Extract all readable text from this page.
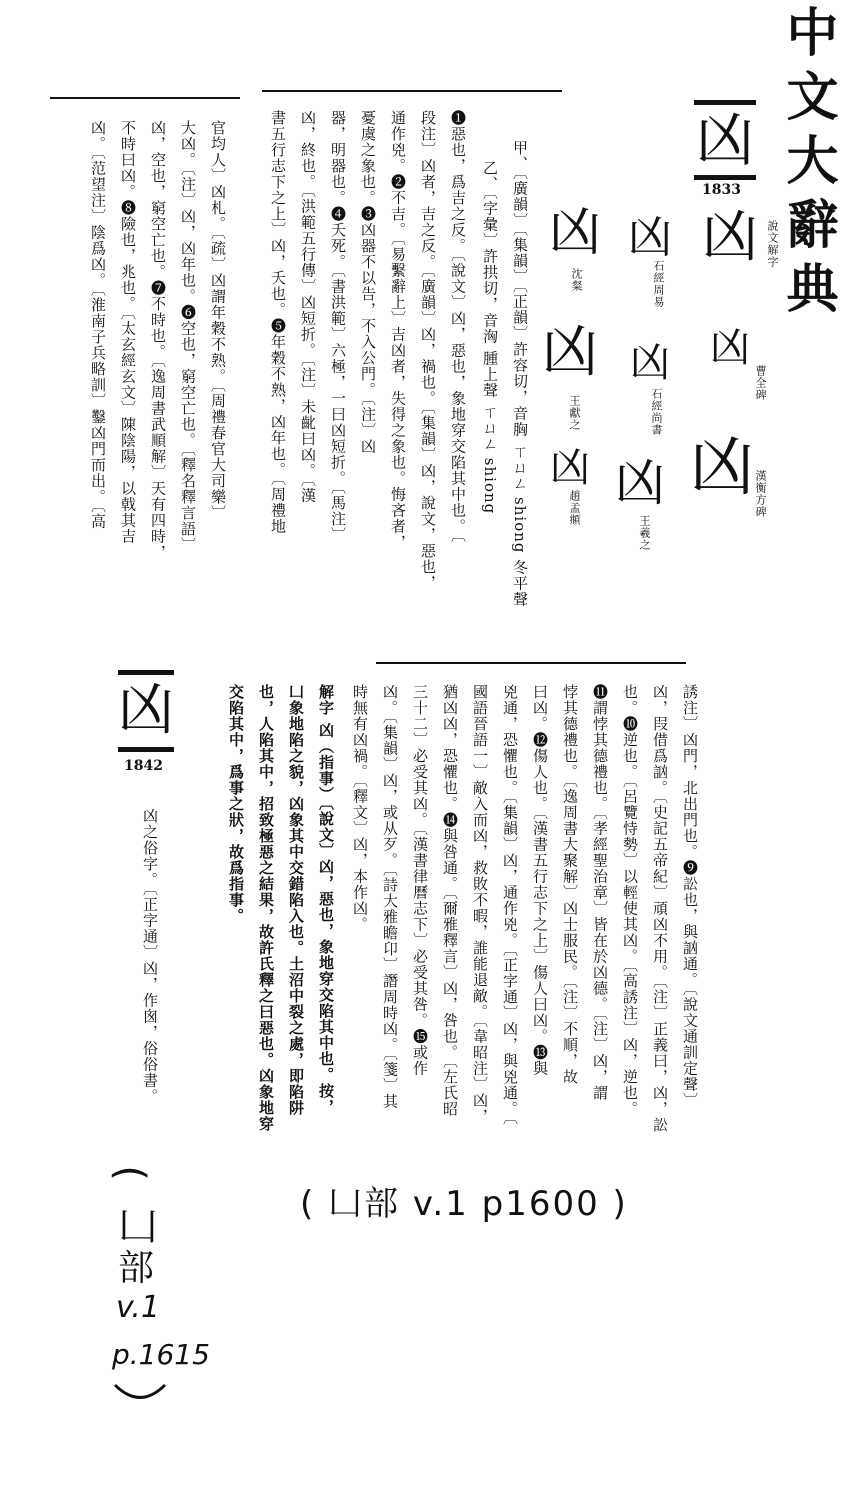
中文大辭典
凶
1833
凶 說文解字
凶
曹全碑
凶 漢衡方碑
凶
石經周易
凶
石經尚書
凶
王羲之
凶
沈粲
凶
王獻之
凶
趙孟頫
甲、〔廣韻〕〔集韻〕〔正韻〕許容切，音胸 ㄒㄩㄥ shiong 冬平聲
乙、〔字彙〕許拱切，音洶 腫上聲 ㄒㄩㄥ shiong
❶惡也，爲吉之反。〔說文〕凶，惡也，象地穿交陷其中也。〔
段注〕凶者，吉之反。〔廣韻〕凶，禍也。〔集韻〕凶，說文，惡也，
通作兇。❷不吉。〔易繫辭上〕吉凶者，失得之象也。悔吝者，
憂虞之象也。❸凶器不以告，不入公門。〔注〕凶
器，明器也。❹夭死。〔書洪範〕六極，一曰凶短折。〔馬注〕
凶，終也。〔洪範五行傳〕凶短折。〔注〕未齔曰凶。〔漢
書五行志下之上〕凶，夭也。❺年穀不熟，凶年也。〔周禮地
官均人〕凶札。〔疏〕凶謂年穀不熟。〔周禮春官大司樂〕
大凶。〔注〕凶，凶年也。❻空也，窮空亡也。〔釋名釋言語〕
凶，空也，窮空亡也。❼不時也。〔逸周書武順解〕天有四時，
不時曰凶。❽險也，兆也。〔太玄經玄文〕陳陰陽，以戟其吉
凶。〔范望注〕陰爲凶。〔淮南子兵略訓〕鑿凶門而出。〔高
誘注〕凶門，北出門也。❾訟也，與訩通。〔說文通訓定聲〕
凶，叚借爲訩。〔史記五帝紀〕頑凶不用。〔注〕正義曰，凶，訟
也。❿逆也。〔呂覽恃勢〕以輕使其凶。〔高誘注〕凶，逆也。
⓫謂悖其德禮也。〔孝經聖治章〕皆在於凶德。〔注〕凶，謂
悖其德禮也。〔逸周書大聚解〕凶士服民。〔注〕不順，故
曰凶。⓬傷人也。〔漢書五行志下之上〕傷人曰凶。⓭與
兇通，恐懼也。〔集韻〕凶，通作兇。〔正字通〕凶，與兇通。〔
國語晉語一〕敵入而凶，救敗不暇，誰能退敵。〔韋昭注〕凶，
猶凶凶，恐懼也。⓮與咎通。〔爾雅釋言〕凶，咎也。〔左氏昭
三十二〕必受其凶。〔漢書律曆志下〕必受其咎。⓯或作
凶。〔集韻〕凶，或从歹。〔詩大雅瞻卬〕譖周時凶。〔箋〕其
時無有凶禍。〔釋文〕凶，本作凶。
解字 凶（指事）〔說文〕凶，惡也，象地穿交陷其中也。按，
凵象地陷之貌，凶象其中交錯陷入也。土沼中裂之處，即陷阱
也，人陷其中，招致極惡之結果，故許氏釋之曰惡也。凶象地穿
交陷其中，爲事之狀，故爲指事。
凶
1842
凶之俗字。〔正字通〕凶，作囪，俗俗書。
( 凵部 v.1 p1600 )
(
凵
部
v.1
p.1615
